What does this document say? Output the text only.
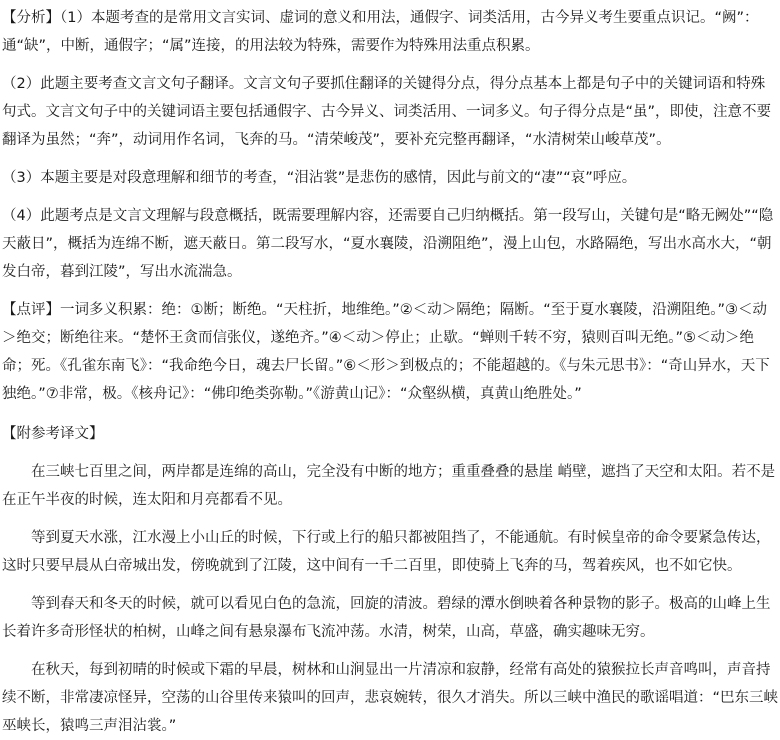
【分析】（1）本题考查的是常用文言实词、虚词的意义和用法，通假字、词类活用，古今异义考生要重点识记。“阙”：通“缺”，中断，通假字；“属”连接，的用法较为特殊，需要作为特殊用法重点积累。

（2）此题主要考查文言文句子翻译。文言文句子要抓住翻译的关键得分点，得分点基本上都是句子中的关键词语和特殊句式。文言文句子中的关键词语主要包括通假字、古今异义、词类活用、一词多义。句子得分点是“虽”，即使，注意不要翻译为虽然；“奔”，动词用作名词，飞奔的马。“清荣峻茂”，要补充完整再翻译，“水清树荣山峻草茂”。

（3）本题主要是对段意理解和细节的考查，“泪沾裳”是悲伤的感情，因此与前文的“凄”“哀”呼应。

（4）此题考点是文言文理解与段意概括，既需要理解内容，还需要自己归纳概括。第一段写山，关键句是“略无阙处”“隐天蔽日”，概括为连绵不断，遮天蔽日。第二段写水，“夏水襄陵，沿溯阻绝”，漫上山包，水路隔绝，写出水高水大，“朝发白帝，暮到江陵”，写出水流湍急。

【点评】一词多义积累：绝：①断；断绝。“天柱折，地维绝。”②＜动＞隔绝；隔断。“至于夏水襄陵，沿溯阻绝。”③＜动＞绝交；断绝往来。“楚怀王贪而信张仪，遂绝齐。”④＜动＞停止；止歇。“蝉则千转不穷，猿则百叫无绝。”⑤＜动＞绝命；死。《孔雀东南飞》：“我命绝今日，魂去尸长留。”⑥＜形＞到极点的；不能超越的。《与朱元思书》：“奇山异水，天下独绝。”⑦非常，极。《核舟记》：“佛印绝类弥勒。”《游黄山记》：“众壑纵横，真黄山绝胜处。”

【附参考译文】

在三峡七百里之间，两岸都是连绵的高山，完全没有中断的地方；重重叠叠的悬崖 峭壁，遮挡了天空和太阳。若不是在正午半夜的时候，连太阳和月亮都看不见。

等到夏天水涨，江水漫上小山丘的时候，下行或上行的船只都被阻挡了，不能通航。有时候皇帝的命令要紧急传达，这时只要早晨从白帝城出发，傍晚就到了江陵，这中间有一千二百里，即使骑上飞奔的马，驾着疾风，也不如它快。

等到春天和冬天的时候，就可以看见白色的急流，回旋的清波。碧绿的潭水倒映着各种景物的影子。极高的山峰上生长着许多奇形怪状的柏树，山峰之间有悬泉瀑布飞流冲荡。水清，树荣，山高，草盛，确实趣味无穷。

在秋天，每到初晴的时候或下霜的早晨，树林和山涧显出一片清凉和寂静，经常有高处的猿猴拉长声音鸣叫，声音持续不断，非常凄凉怪异，空荡的山谷里传来猿叫的回声，悲哀婉转，很久才消失。所以三峡中渔民的歌谣唱道：“巴东三峡巫峡长，猿鸣三声泪沾裳。”
